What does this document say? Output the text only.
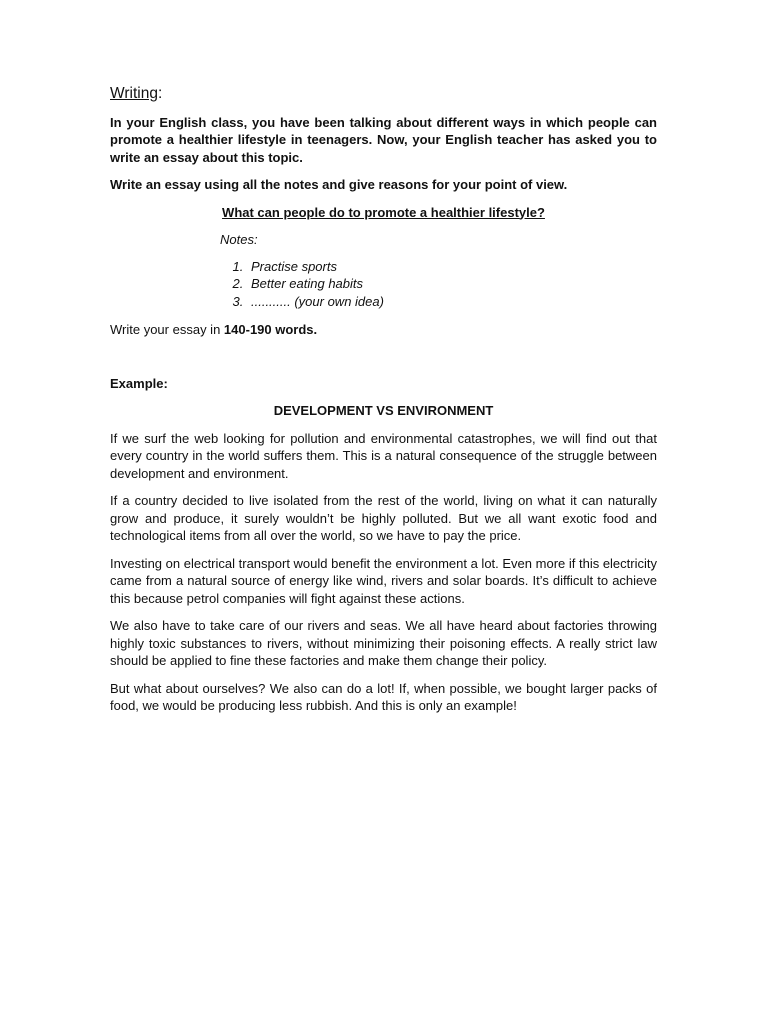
Writing:

In your English class, you have been talking about different ways in which people can promote a healthier lifestyle in teenagers. Now, your English teacher has asked you to write an essay about this topic.

Write an essay using all the notes and give reasons for your point of view.

What can people do to promote a healthier lifestyle?

Notes:

1. Practise sports
2. Better eating habits
3. ........... (your own idea)

Write your essay in 140-190 words.

Example:

DEVELOPMENT VS ENVIRONMENT

If we surf the web looking for pollution and environmental catastrophes, we will find out that every country in the world suffers them. This is a natural consequence of the struggle between development and environment.

If a country decided to live isolated from the rest of the world, living on what it can naturally grow and produce, it surely wouldn’t be highly polluted. But we all want exotic food and technological items from all over the world, so we have to pay the price.

Investing on electrical transport would benefit the environment a lot. Even more if this electricity came from a natural source of energy like wind, rivers and solar boards. It’s difficult to achieve this because petrol companies will fight against these actions.

We also have to take care of our rivers and seas. We all have heard about factories throwing highly toxic substances to rivers, without minimizing their poisoning effects. A really strict law should be applied to fine these factories and make them change their policy.

But what about ourselves? We also can do a lot! If, when possible, we bought larger packs of food, we would be producing less rubbish. And this is only an example!
